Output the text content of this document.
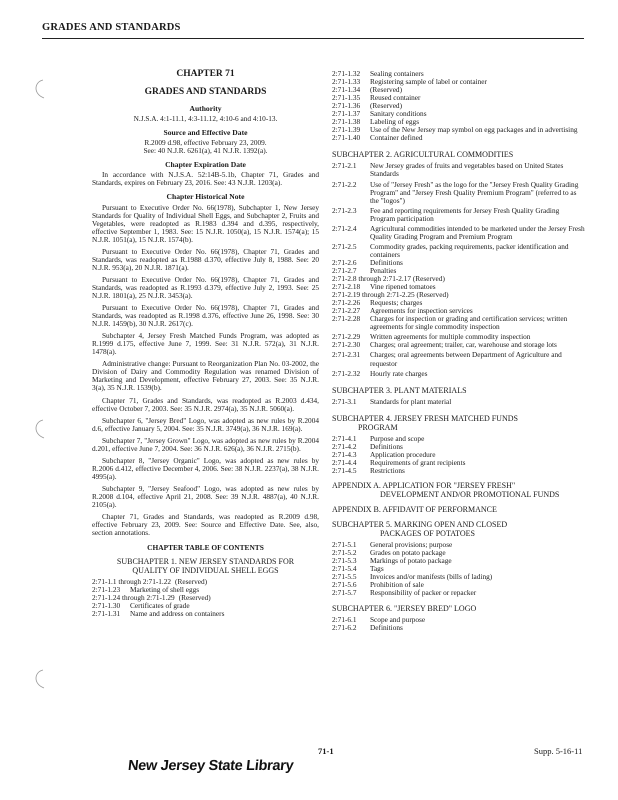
GRADES AND STANDARDS
CHAPTER 71
GRADES AND STANDARDS
Authority
N.J.S.A. 4:1-11.1, 4:3-11.12, 4:10-6 and 4:10-13.
Source and Effective Date
R.2009 d.98, effective February 23, 2009.
See: 40 N.J.R. 6261(a), 41 N.J.R. 1392(a).
Chapter Expiration Date
In accordance with N.J.S.A. 52:14B-5.1b, Chapter 71, Grades and Standards, expires on February 23, 2016. See: 43 N.J.R. 1203(a).
Chapter Historical Note
Pursuant to Executive Order No. 66(1978), Subchapter 1, New Jersey Standards for Quality of Individual Shell Eggs, and Subchapter 2, Fruits and Vegetables, were readopted as R.1983 d.394 and d.395, respectively, effective September 1, 1983. See: 15 N.J.R. 1050(a), 15 N.J.R. 1574(a); 15 N.J.R. 1051(a), 15 N.J.R. 1574(b).
Pursuant to Executive Order No. 66(1978), Chapter 71, Grades and Standards, was readopted as R.1988 d.370, effective July 8, 1988. See: 20 N.J.R. 953(a), 20 N.J.R. 1871(a).
Pursuant to Executive Order No. 66(1978), Chapter 71, Grades and Standards, was readopted as R.1993 d.379, effective July 2, 1993. See: 25 N.J.R. 1801(a), 25 N.J.R. 3453(a).
Pursuant to Executive Order No. 66(1978), Chapter 71, Grades and Standards, was readopted as R.1998 d.376, effective June 26, 1998. See: 30 N.J.R. 1459(b), 30 N.J.R. 2617(c).
Subchapter 4, Jersey Fresh Matched Funds Program, was adopted as R.1999 d.175, effective June 7, 1999. See: 31 N.J.R. 572(a), 31 N.J.R. 1478(a).
Administrative change: Pursuant to Reorganization Plan No. 03-2002, the Division of Dairy and Commodity Regulation was renamed Division of Marketing and Development, effective February 27, 2003. See: 35 N.J.R. 3(a), 35 N.J.R. 1539(b).
Chapter 71, Grades and Standards, was readopted as R.2003 d.434, effective October 7, 2003. See: 35 N.J.R. 2974(a), 35 N.J.R. 5060(a).
Subchapter 6, "Jersey Bred" Logo, was adopted as new rules by R.2004 d.6, effective January 5, 2004. See: 35 N.J.R. 3749(a), 36 N.J.R. 169(a).
Subchapter 7, "Jersey Grown" Logo, was adopted as new rules by R.2004 d.201, effective June 7, 2004. See: 36 N.J.R. 626(a), 36 N.J.R. 2715(b).
Subchapter 8, "Jersey Organic" Logo, was adopted as new rules by R.2006 d.412, effective December 4, 2006. See: 38 N.J.R. 2237(a), 38 N.J.R. 4995(a).
Subchapter 9, "Jersey Seafood" Logo, was adopted as new rules by R.2008 d.104, effective April 21, 2008. See: 39 N.J.R. 4887(a), 40 N.J.R. 2105(a).
Chapter 71, Grades and Standards, was readopted as R.2009 d.98, effective February 23, 2009. See: Source and Effective Date. See, also, section annotations.
CHAPTER TABLE OF CONTENTS
SUBCHAPTER 1. NEW JERSEY STANDARDS FOR
QUALITY OF INDIVIDUAL SHELL EGGS
2:71-1.1 through 2:71-1.22 (Reserved)
2:71-1.23	Marketing of shell eggs
2:71-1.24 through 2:71-1.29 (Reserved)
2:71-1.30	Certificates of grade
2:71-1.31	Name and address on containers
2:71-1.32	Sealing containers
2:71-1.33	Registering sample of label or container
2:71-1.34	(Reserved)
2:71-1.35	Reused container
2:71-1.36	(Reserved)
2:71-1.37	Sanitary conditions
2:71-1.38	Labeling of eggs
2:71-1.39	Use of the New Jersey map symbol on egg packages and in advertising
2:71-1.40	Container defined
SUBCHAPTER 2. AGRICULTURAL COMMODITIES
2:71-2.1	New Jersey grades of fruits and vegetables based on United States Standards
2:71-2.2	Use of "Jersey Fresh" as the logo for the "Jersey Fresh Quality Grading Program" and "Jersey Fresh Quality Premium Program" (referred to as the "logos")
2:71-2.3	Fee and reporting requirements for Jersey Fresh Quality Grading Program participation
2:71-2.4	Agricultural commodities intended to be marketed under the Jersey Fresh Quality Grading Program and Premium Program
2:71-2.5	Commodity grades, packing requirements, packer identification and containers
2:71-2.6	Definitions
2:71-2.7	Penalties
2:71-2.8 through 2:71-2.17 (Reserved)
2:71-2.18	Vine ripened tomatoes
2:71-2.19 through 2:71-2.25 (Reserved)
2:71-2.26	Requests; charges
2:71-2.27	Agreements for inspection services
2:71-2.28	Charges for inspection or grading and certification services; written agreements for single commodity inspection
2:71-2.29	Written agreements for multiple commodity inspection
2:71-2.30	Charges; oral agreement; trailer, car, warehouse and storage lots
2:71-2.31	Charges; oral agreements between Department of Agriculture and requestor
2:71-2.32	Hourly rate charges
SUBCHAPTER 3. PLANT MATERIALS
2:71-3.1	Standards for plant material
SUBCHAPTER 4. JERSEY FRESH MATCHED FUNDS
PROGRAM
2:71-4.1	Purpose and scope
2:71-4.2	Definitions
2:71-4.3	Application procedure
2:71-4.4	Requirements of grant recipients
2:71-4.5	Restrictions
APPENDIX A. APPLICATION FOR "JERSEY FRESH"
DEVELOPMENT AND/OR PROMOTIONAL FUNDS
APPENDIX B. AFFIDAVIT OF PERFORMANCE
SUBCHAPTER 5. MARKING OPEN AND CLOSED
PACKAGES OF POTATOES
2:71-5.1	General provisions; purpose
2:71-5.2	Grades on potato package
2:71-5.3	Markings of potato package
2:71-5.4	Tags
2:71-5.5	Invoices and/or manifests (bills of lading)
2:71-5.6	Prohibition of sale
2:71-5.7	Responsibility of packer or repacker
SUBCHAPTER 6. "JERSEY BRED" LOGO
2:71-6.1	Scope and purpose
2:71-6.2	Definitions
71-1	Supp. 5-16-11
New Jersey State Library
